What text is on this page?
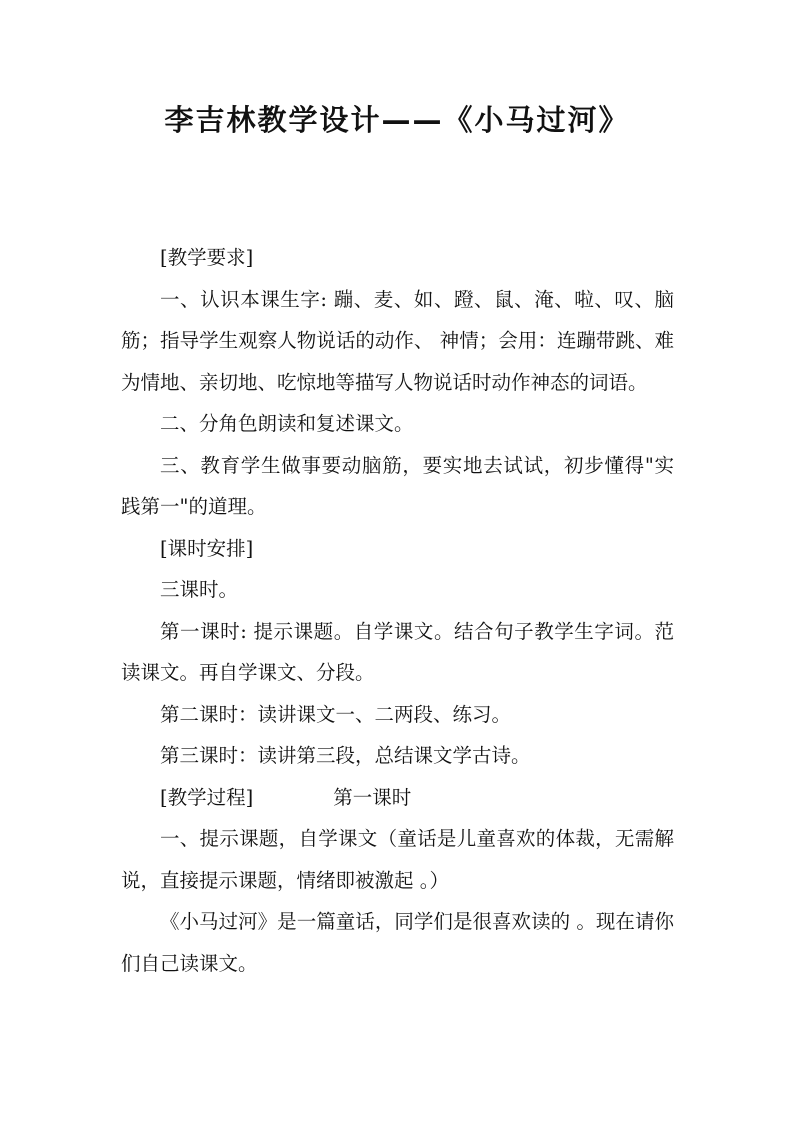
李吉林教学设计——《小马过河》

[教学要求]

一、认识本课生字: 蹦、麦、如、蹬、鼠、淹、啦、叹、脑筋；指导学生观察人物说话的动作、 神情；会用：连蹦带跳、难为情地、亲切地、吃惊地等描写人物说话时动作神态的词语。

二、分角色朗读和复述课文。

三、教育学生做事要动脑筋，要实地去试试，初步懂得"实践第一"的道理。

[课时安排]

三课时。

第一课时: 提示课题。自学课文。结合句子教学生字词。范读课文。再自学课文、分段。

第二课时：读讲课文一、二两段、练习。

第三课时：读讲第三段，总结课文学古诗。

[教学过程]	第一课时

一、提示课题，自学课文（童话是儿童喜欢的体裁，无需解说，直接提示课题，情绪即被激起 。）

《小马过河》是一篇童话，同学们是很喜欢读的 。现在请你们自己读课文。
